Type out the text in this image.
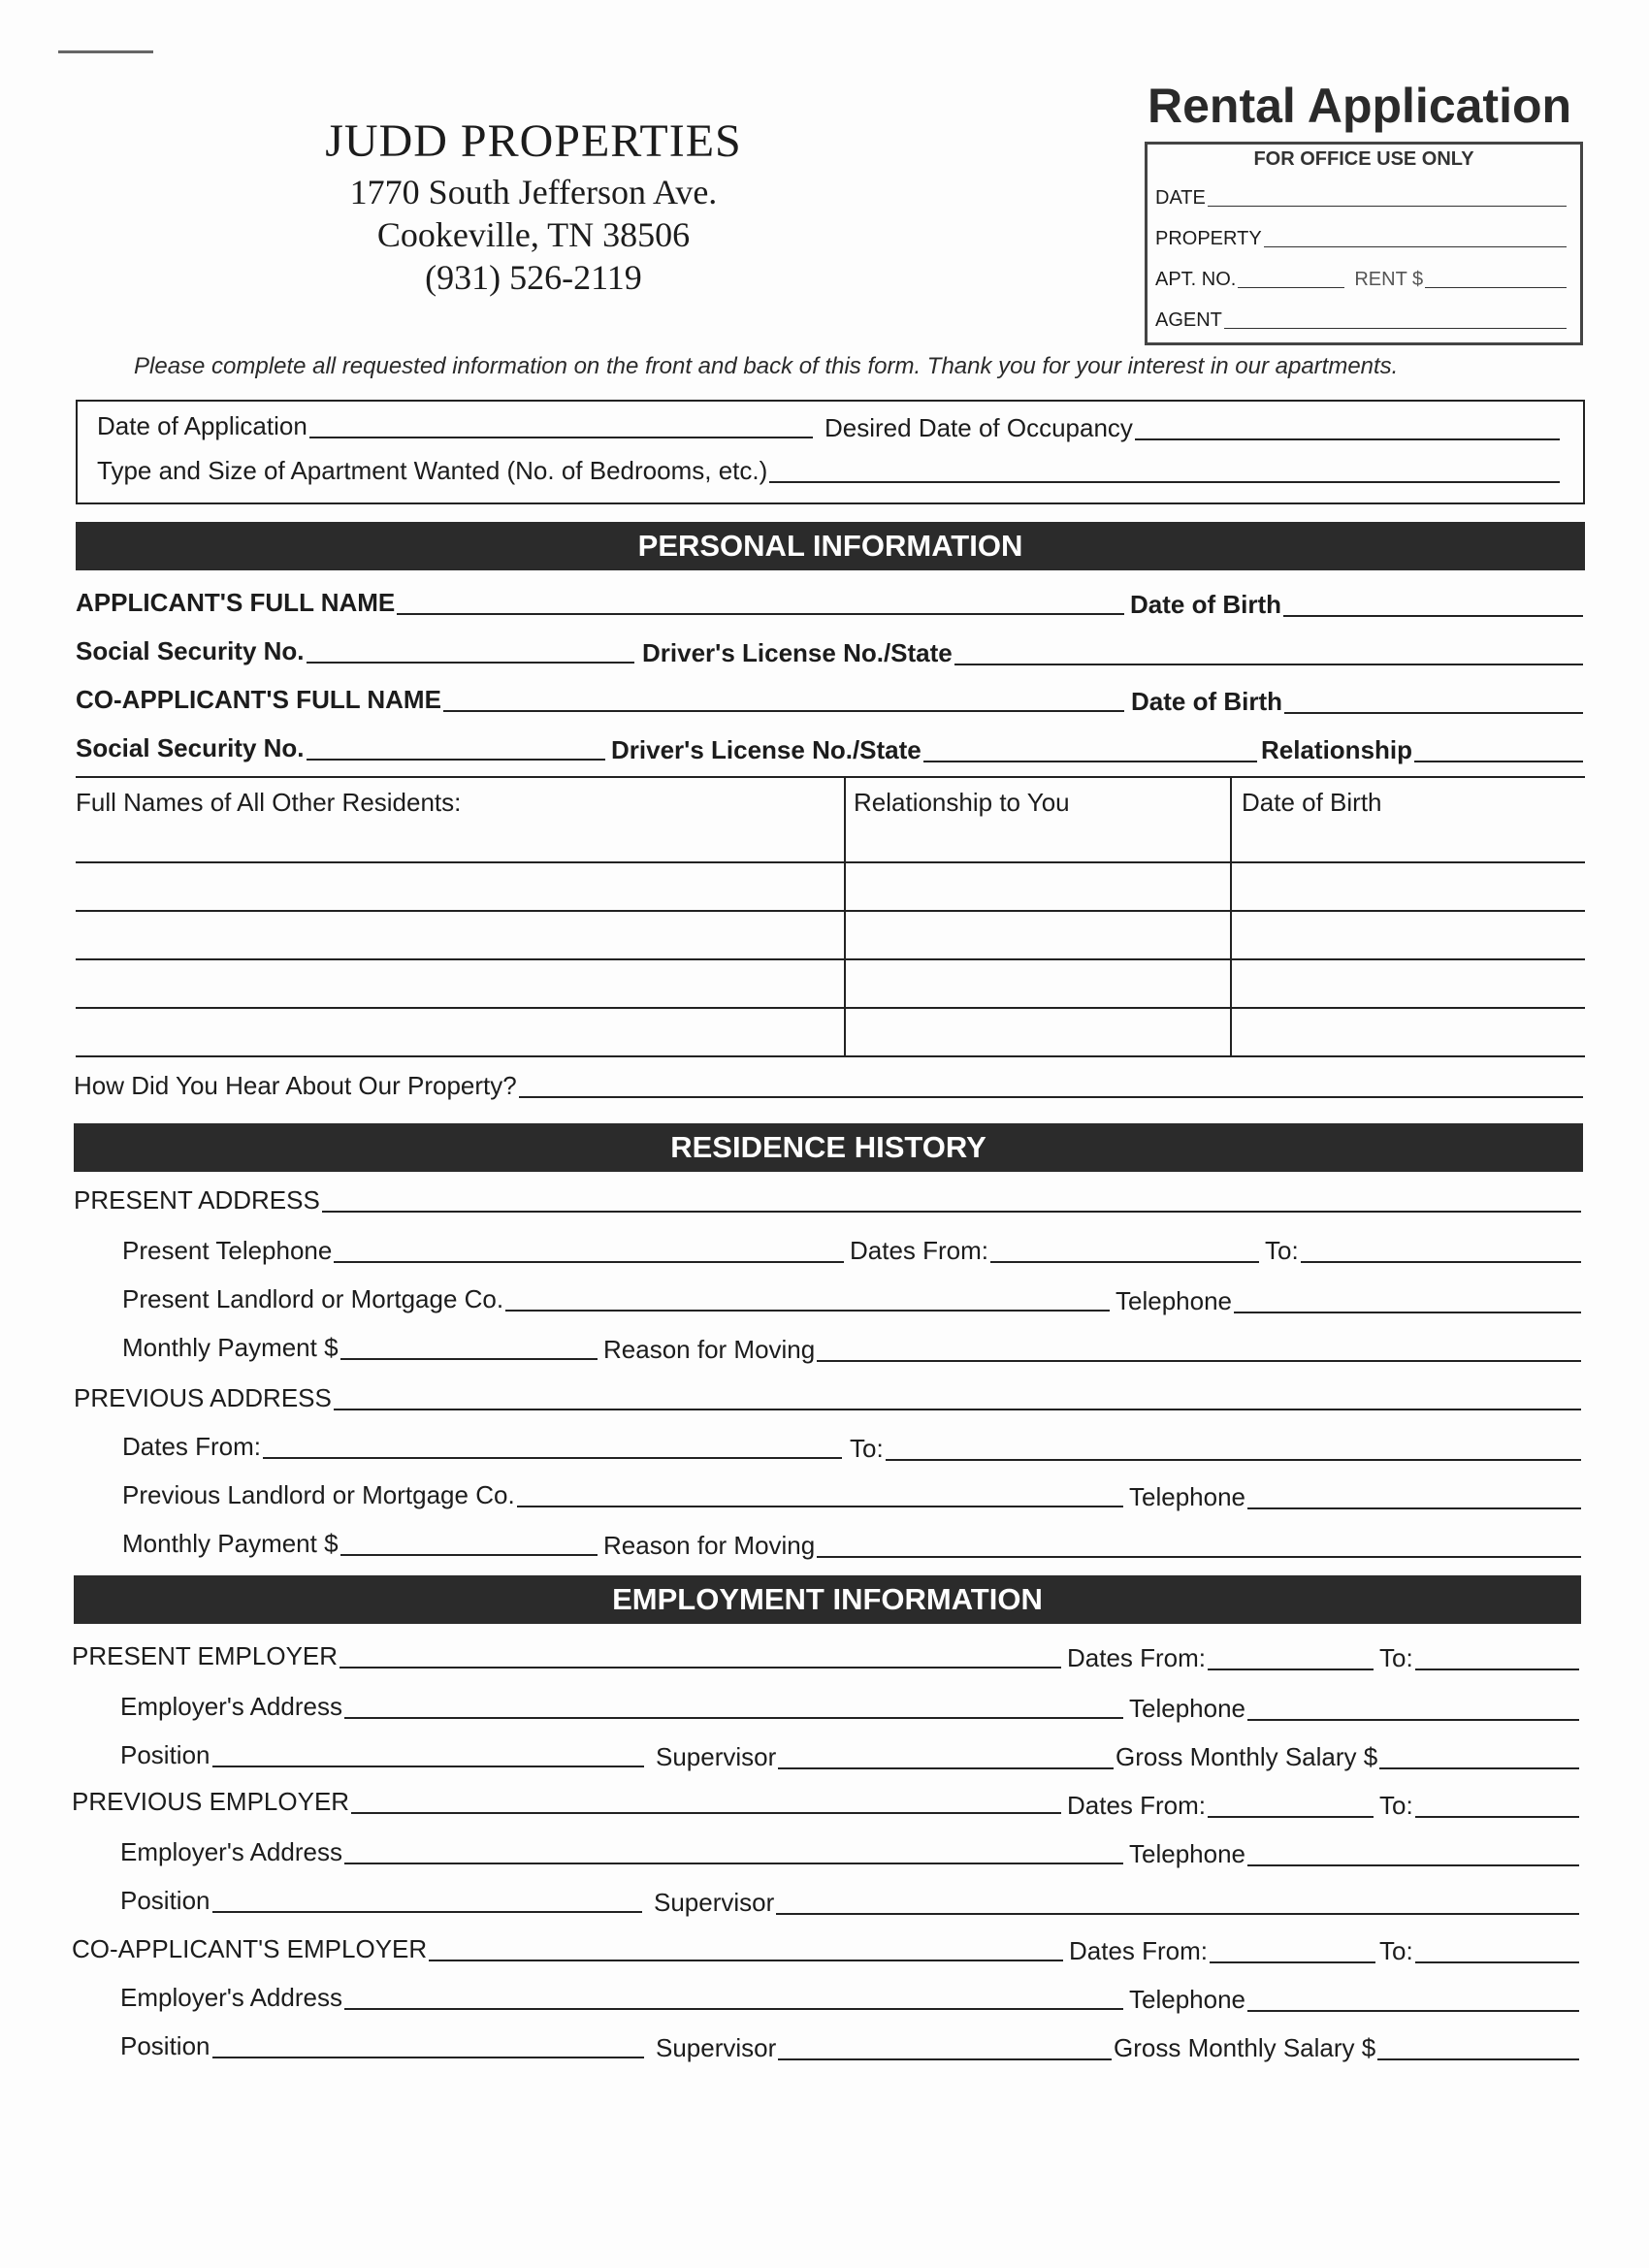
JUDD PROPERTIES
1770 South Jefferson Ave.
Cookeville, TN 38506
(931) 526-2119
Rental Application
FOR OFFICE USE ONLY
DATE
PROPERTY
APT. NO.	RENT $
AGENT
Please complete all requested information on the front and back of this form. Thank you for your interest in our apartments.
Date of Application	Desired Date of Occupancy
Type and Size of Apartment Wanted (No. of Bedrooms, etc.)
PERSONAL INFORMATION
APPLICANT'S FULL NAME	Date of Birth
Social Security No.	Driver's License No./State
CO-APPLICANT'S FULL NAME	Date of Birth
Social Security No.	Driver's License No./State	Relationship
Full Names of All Other Residents:	Relationship to You	Date of Birth
How Did You Hear About Our Property?
RESIDENCE HISTORY
PRESENT ADDRESS
Present Telephone	Dates From:	To:
Present Landlord or Mortgage Co.	Telephone
Monthly Payment $	Reason for Moving
PREVIOUS ADDRESS
Dates From:	To:
Previous Landlord or Mortgage Co.	Telephone
Monthly Payment $	Reason for Moving
EMPLOYMENT INFORMATION
PRESENT EMPLOYER	Dates From:	To:
Employer's Address	Telephone
Position	Supervisor	Gross Monthly Salary $
PREVIOUS EMPLOYER	Dates From:	To:
Employer's Address	Telephone
Position	Supervisor
CO-APPLICANT'S EMPLOYER	Dates From:	To:
Employer's Address	Telephone
Position	Supervisor	Gross Monthly Salary $
